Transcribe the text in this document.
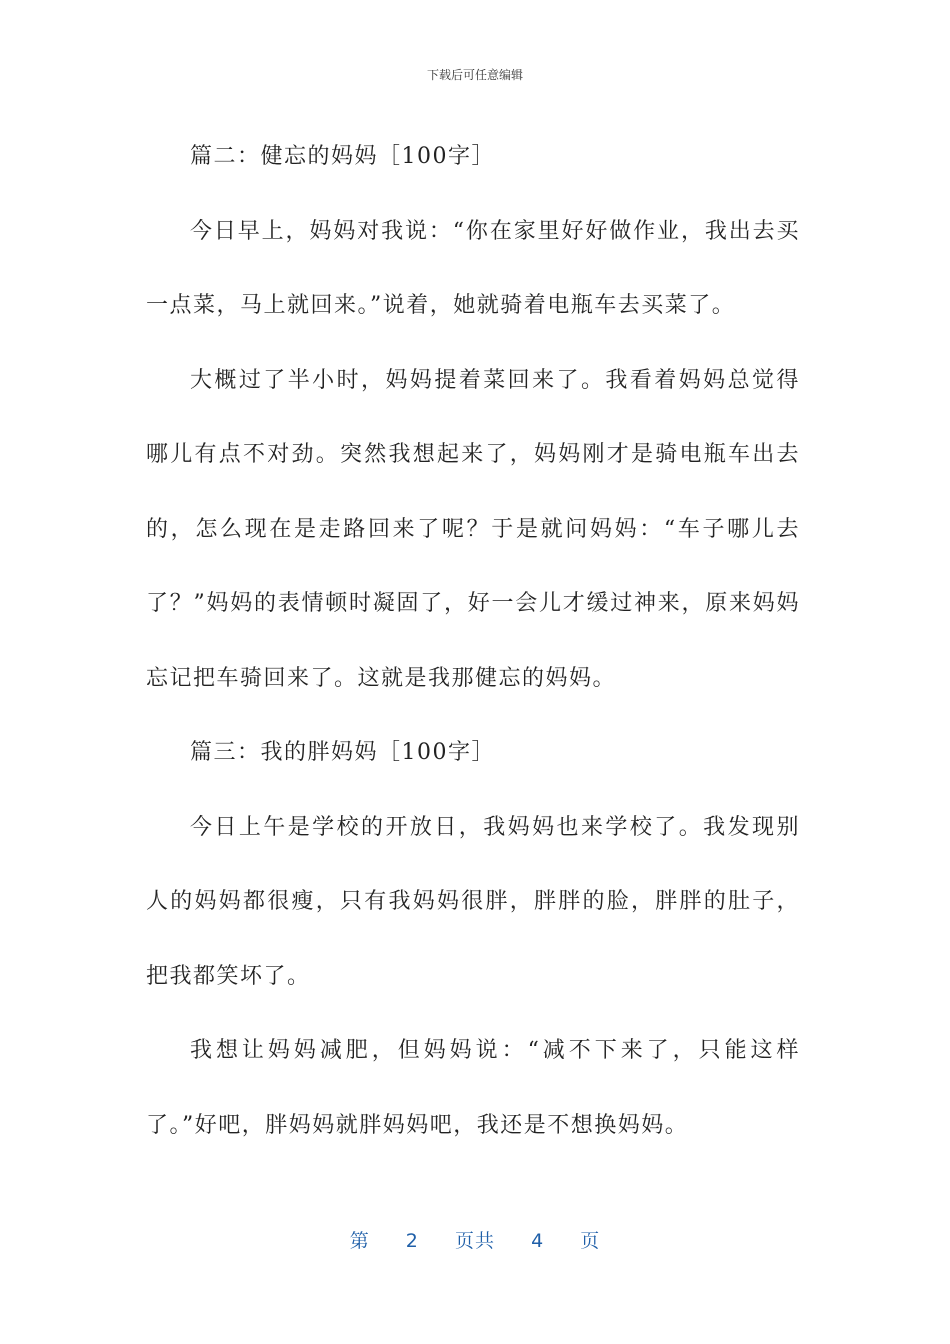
下载后可任意编辑

篇二：健忘的妈妈［100字］

今日早上，妈妈对我说：“你在家里好好做作业，我出去买一点菜，马上就回来。”说着，她就骑着电瓶车去买菜了。

大概过了半小时，妈妈提着菜回来了。我看着妈妈总觉得哪儿有点不对劲。突然我想起来了，妈妈刚才是骑电瓶车出去的，怎么现在是走路回来了呢？于是就问妈妈：“车子哪儿去了？”妈妈的表情顿时凝固了，好一会儿才缓过神来，原来妈妈忘记把车骑回来了。这就是我那健忘的妈妈。

篇三：我的胖妈妈［100字］

今日上午是学校的开放日，我妈妈也来学校了。我发现别人的妈妈都很瘦，只有我妈妈很胖，胖胖的脸，胖胖的肚子，把我都笑坏了。

我想让妈妈减肥，但妈妈说：“减不下来了，只能这样了。”好吧，胖妈妈就胖妈妈吧，我还是不想换妈妈。

第 2 页共 4 页
